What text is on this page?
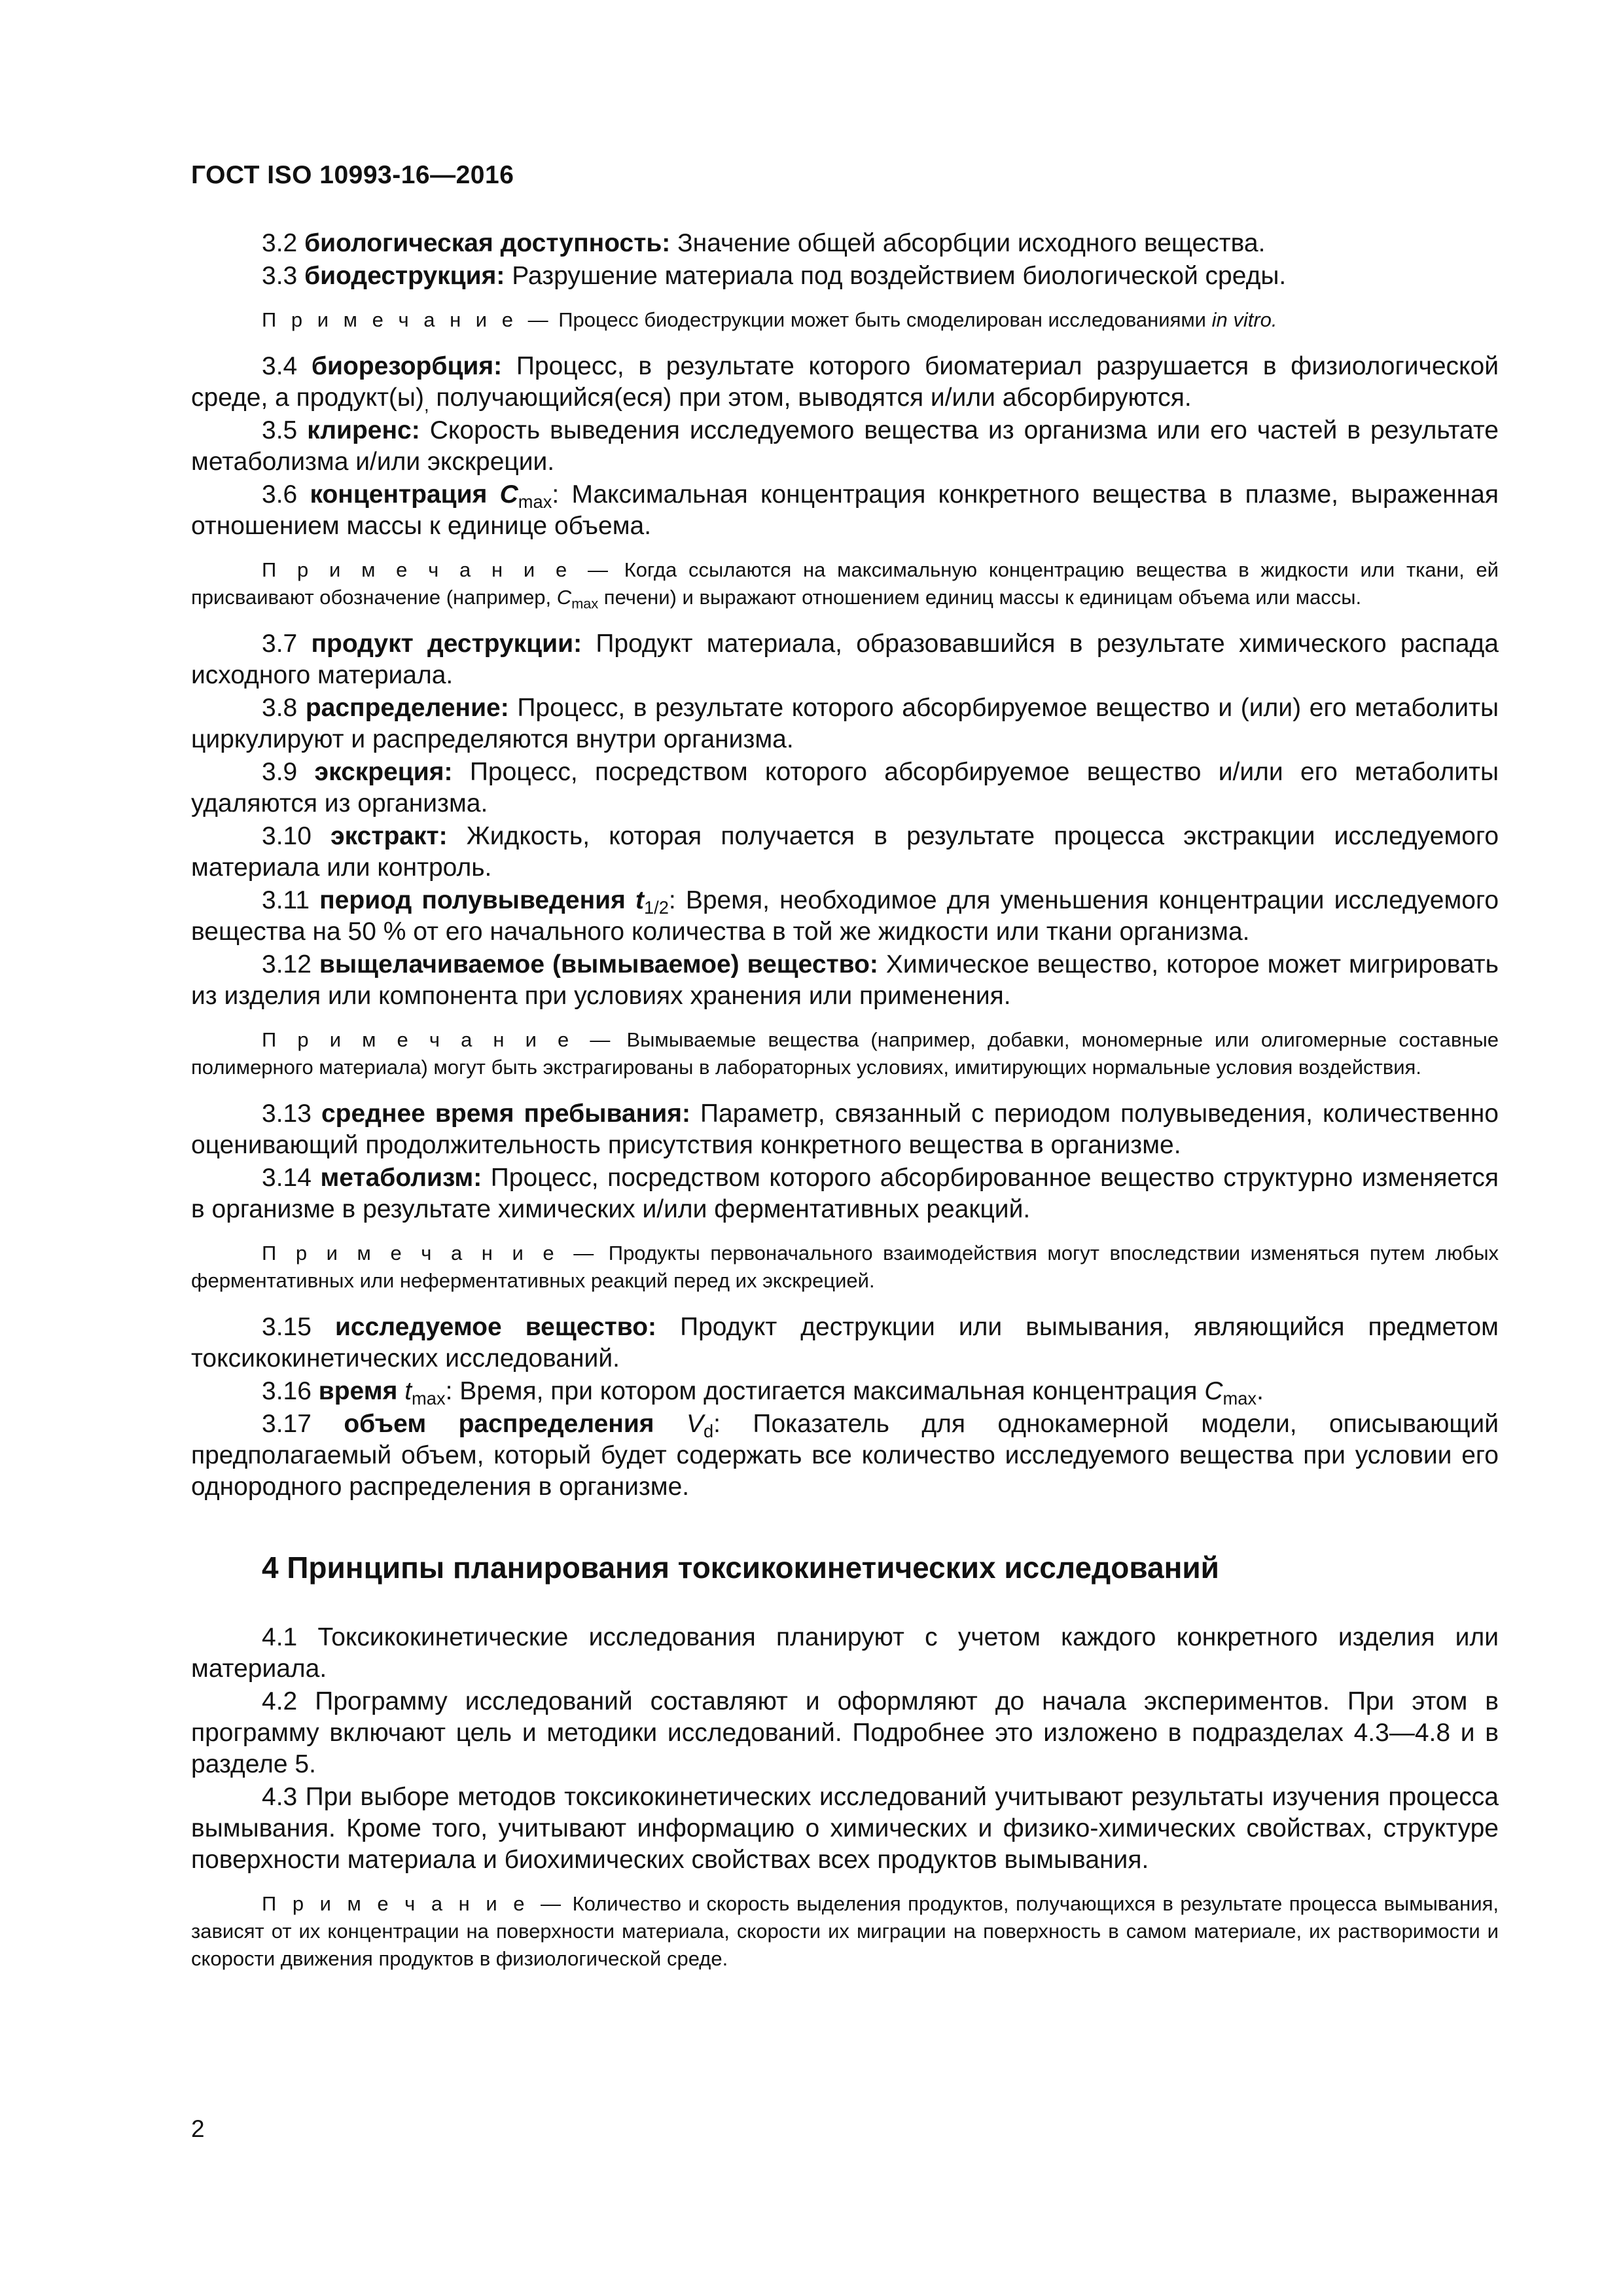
ГОСТ ISO 10993-16—2016

3.2 биологическая доступность: Значение общей абсорбции исходного вещества.

3.3 биодеструкция: Разрушение материала под воздействием биологической среды.

П р и м е ч а н и е — Процесс биодеструкции может быть смоделирован исследованиями in vitro.

3.4 биорезорбция: Процесс, в результате которого биоматериал разрушается в физиологической среде, а $продукт(ы)_,$ получающийся(еся) при этом, выводятся и/или абсорбируются.

3.5 клиренс: Скорость выведения исследуемого вещества из организма или его частей в результате метаболизма и/или экскреции.

3.6 концентрация $C_{max}$: Максимальная концентрация конкретного вещества в плазме, выраженная отношением массы к единице объема.

П р и м е ч а н и е — Когда ссылаются на максимальную концентрацию вещества в жидкости или ткани, ей присваивают обозначение (например, $C_{max}$ печени) и выражают отношением единиц массы к единицам объема или массы.

3.7 продукт деструкции: Продукт материала, образовавшийся в результате химического распада исходного материала.

3.8 распределение: Процесс, в результате которого абсорбируемое вещество и (или) его метаболиты циркулируют и распределяются внутри организма.

3.9 экскреция: Процесс, посредством которого абсорбируемое вещество и/или его метаболиты удаляются из организма.

3.10 экстракт: Жидкость, которая получается в результате процесса экстракции исследуемого материала или контроль.

3.11 период полувыведения $t_{1/2}$: Время, необходимое для уменьшения концентрации исследуемого вещества на 50 % от его начального количества в той же жидкости или ткани организма.

3.12 выщелачиваемое (вымываемое) вещество: Химическое вещество, которое может мигрировать из изделия или компонента при условиях хранения или применения.

П р и м е ч а н и е — Вымываемые вещества (например, добавки, мономерные или олигомерные составные полимерного материала) могут быть экстрагированы в лабораторных условиях, имитирующих нормальные условия воздействия.

3.13 среднее время пребывания: Параметр, связанный с периодом полувыведения, количественно оценивающий продолжительность присутствия конкретного вещества в организме.

3.14 метаболизм: Процесс, посредством которого абсорбированное вещество структурно изменяется в организме в результате химических и/или ферментативных реакций.

П р и м е ч а н и е — Продукты первоначального взаимодействия могут впоследствии изменяться путем любых ферментативных или неферментативных реакций перед их экскрецией.

3.15 исследуемое вещество: Продукт деструкции или вымывания, являющийся предметом токсикокинетических исследований.

3.16 время $t_{max}$: Время, при котором достигается максимальная концентрация $C_{max}$.

3.17 объем распределения $V_d$: Показатель для однокамерной модели, описывающий предполагаемый объем, который будет содержать все количество исследуемого вещества при условии его однородного распределения в организме.

4 Принципы планирования токсикокинетических исследований

4.1 Токсикокинетические исследования планируют с учетом каждого конкретного изделия или материала.

4.2 Программу исследований составляют и оформляют до начала экспериментов. При этом в программу включают цель и методики исследований. Подробнее это изложено в подразделах 4.3—4.8 и в разделе 5.

4.3 При выборе методов токсикокинетических исследований учитывают результаты изучения процесса вымывания. Кроме того, учитывают информацию о химических и физико-химических свойствах, структуре поверхности материала и биохимических свойствах всех продуктов вымывания.

П р и м е ч а н и е — Количество и скорость выделения продуктов, получающихся в результате процесса вымывания, зависят от их концентрации на поверхности материала, скорости их миграции на поверхность в самом материале, их растворимости и скорости движения продуктов в физиологической среде.

2
